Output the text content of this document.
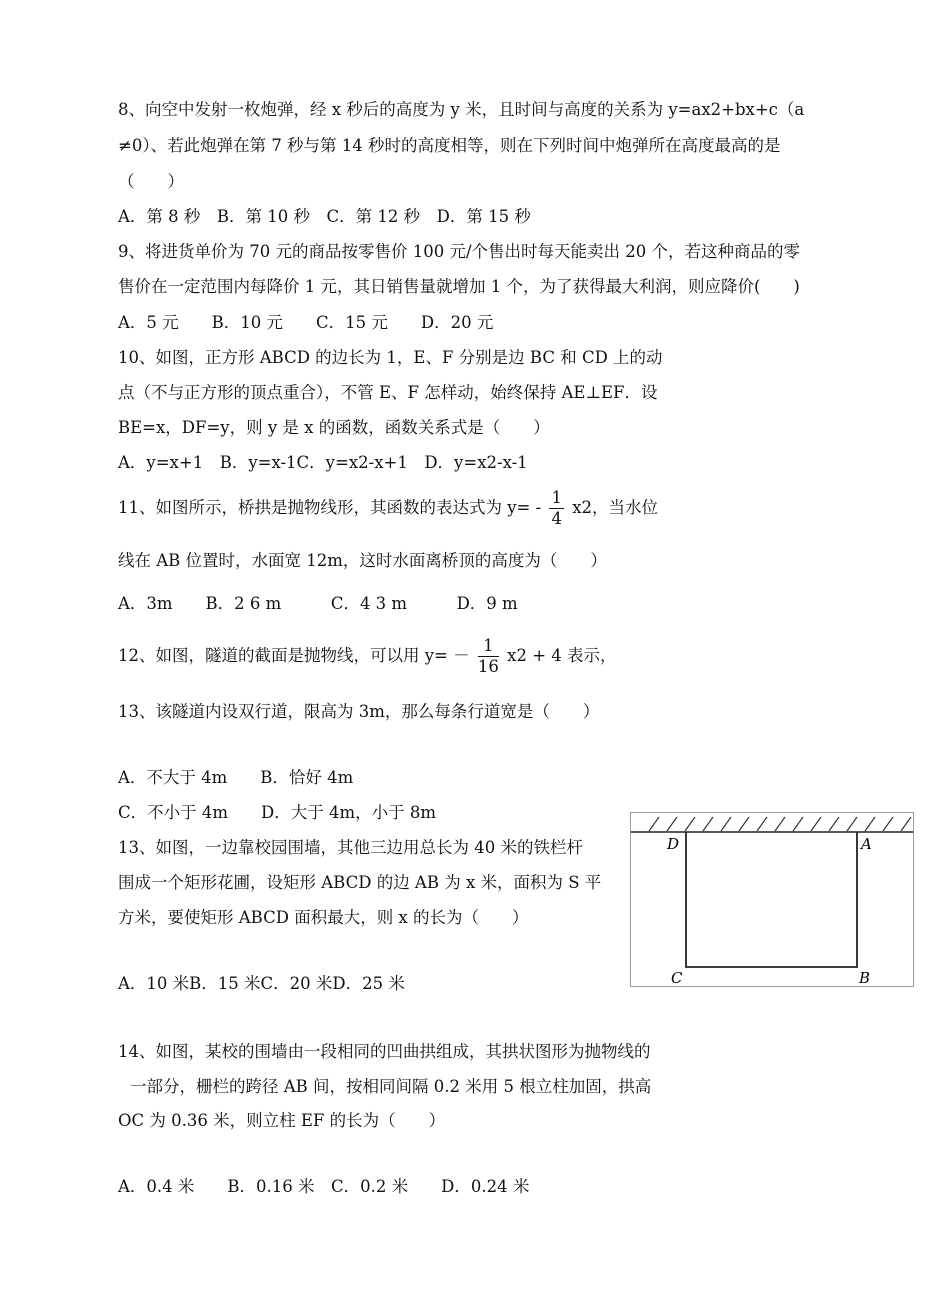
8、向空中发射一枚炮弹，经 x 秒后的高度为 y 米，且时间与高度的关系为 y=ax2+bx+c（a
≠0）、若此炮弹在第 7 秒与第 14 秒时的高度相等，则在下列时间中炮弹所在高度最高的是
（　　）
A．第 8 秒　B．第 10 秒　C．第 12 秒　D．第 15 秒
9、将进货单价为 70 元的商品按零售价 100 元/个售出时每天能卖出 20 个，若这种商品的零
售价在一定范围内每降价 1 元，其日销售量就增加 1 个，为了获得最大利润，则应降价(　　)
A．5 元　　B．10 元　　C．15 元　　D．20 元
10、如图，正方形 ABCD 的边长为 1，E、F 分别是边 BC 和 CD 上的动
点（不与正方形的顶点重合），不管 E、F 怎样动，始终保持 AE⊥EF．设
BE=x，DF=y，则 y 是 x 的函数，函数关系式是（　　）
A．y=x+1　B．y=x-1C．y=x2-x+1　D．y=x2-x-1
11、如图所示，桥拱是抛物线形，其函数的表达式为 $y= - \frac{1}{4} x2$，当水位
线在 AB 位置时，水面宽 12m，这时水面离桥顶的高度为（　　）
A．3m　　B．2 6 m　　　C．4 3 m　　　D．9 m
12、如图，隧道的截面是抛物线，可以用 $y= - \frac{1}{16} x2 + 4$ 表示，
13、该隧道内设双行道，限高为 3m，那么每条行道宽是（　　）
A．不大于 4m　　B．恰好 4m
C．不小于 4m　　D．大于 4m，小于 8m
13、如图，一边靠校园围墙，其他三边用总长为 40 米的铁栏杆
围成一个矩形花圃，设矩形 ABCD 的边 AB 为 x 米，面积为 S 平
方米，要使矩形 ABCD 面积最大，则 x 的长为（　　）
A．10 米B．15 米C．20 米D．25 米
D	A
C	B
14、如图，某校的围墙由一段相同的凹曲拱组成，其拱状图形为抛物线的
一部分，栅栏的跨径 AB 间，按相同间隔 0.2 米用 5 根立柱加固，拱高
OC 为 0.36 米，则立柱 EF 的长为（　　）
A．0.4 米　　B．0.16 米　C．0.2 米　　D．0.24 米
